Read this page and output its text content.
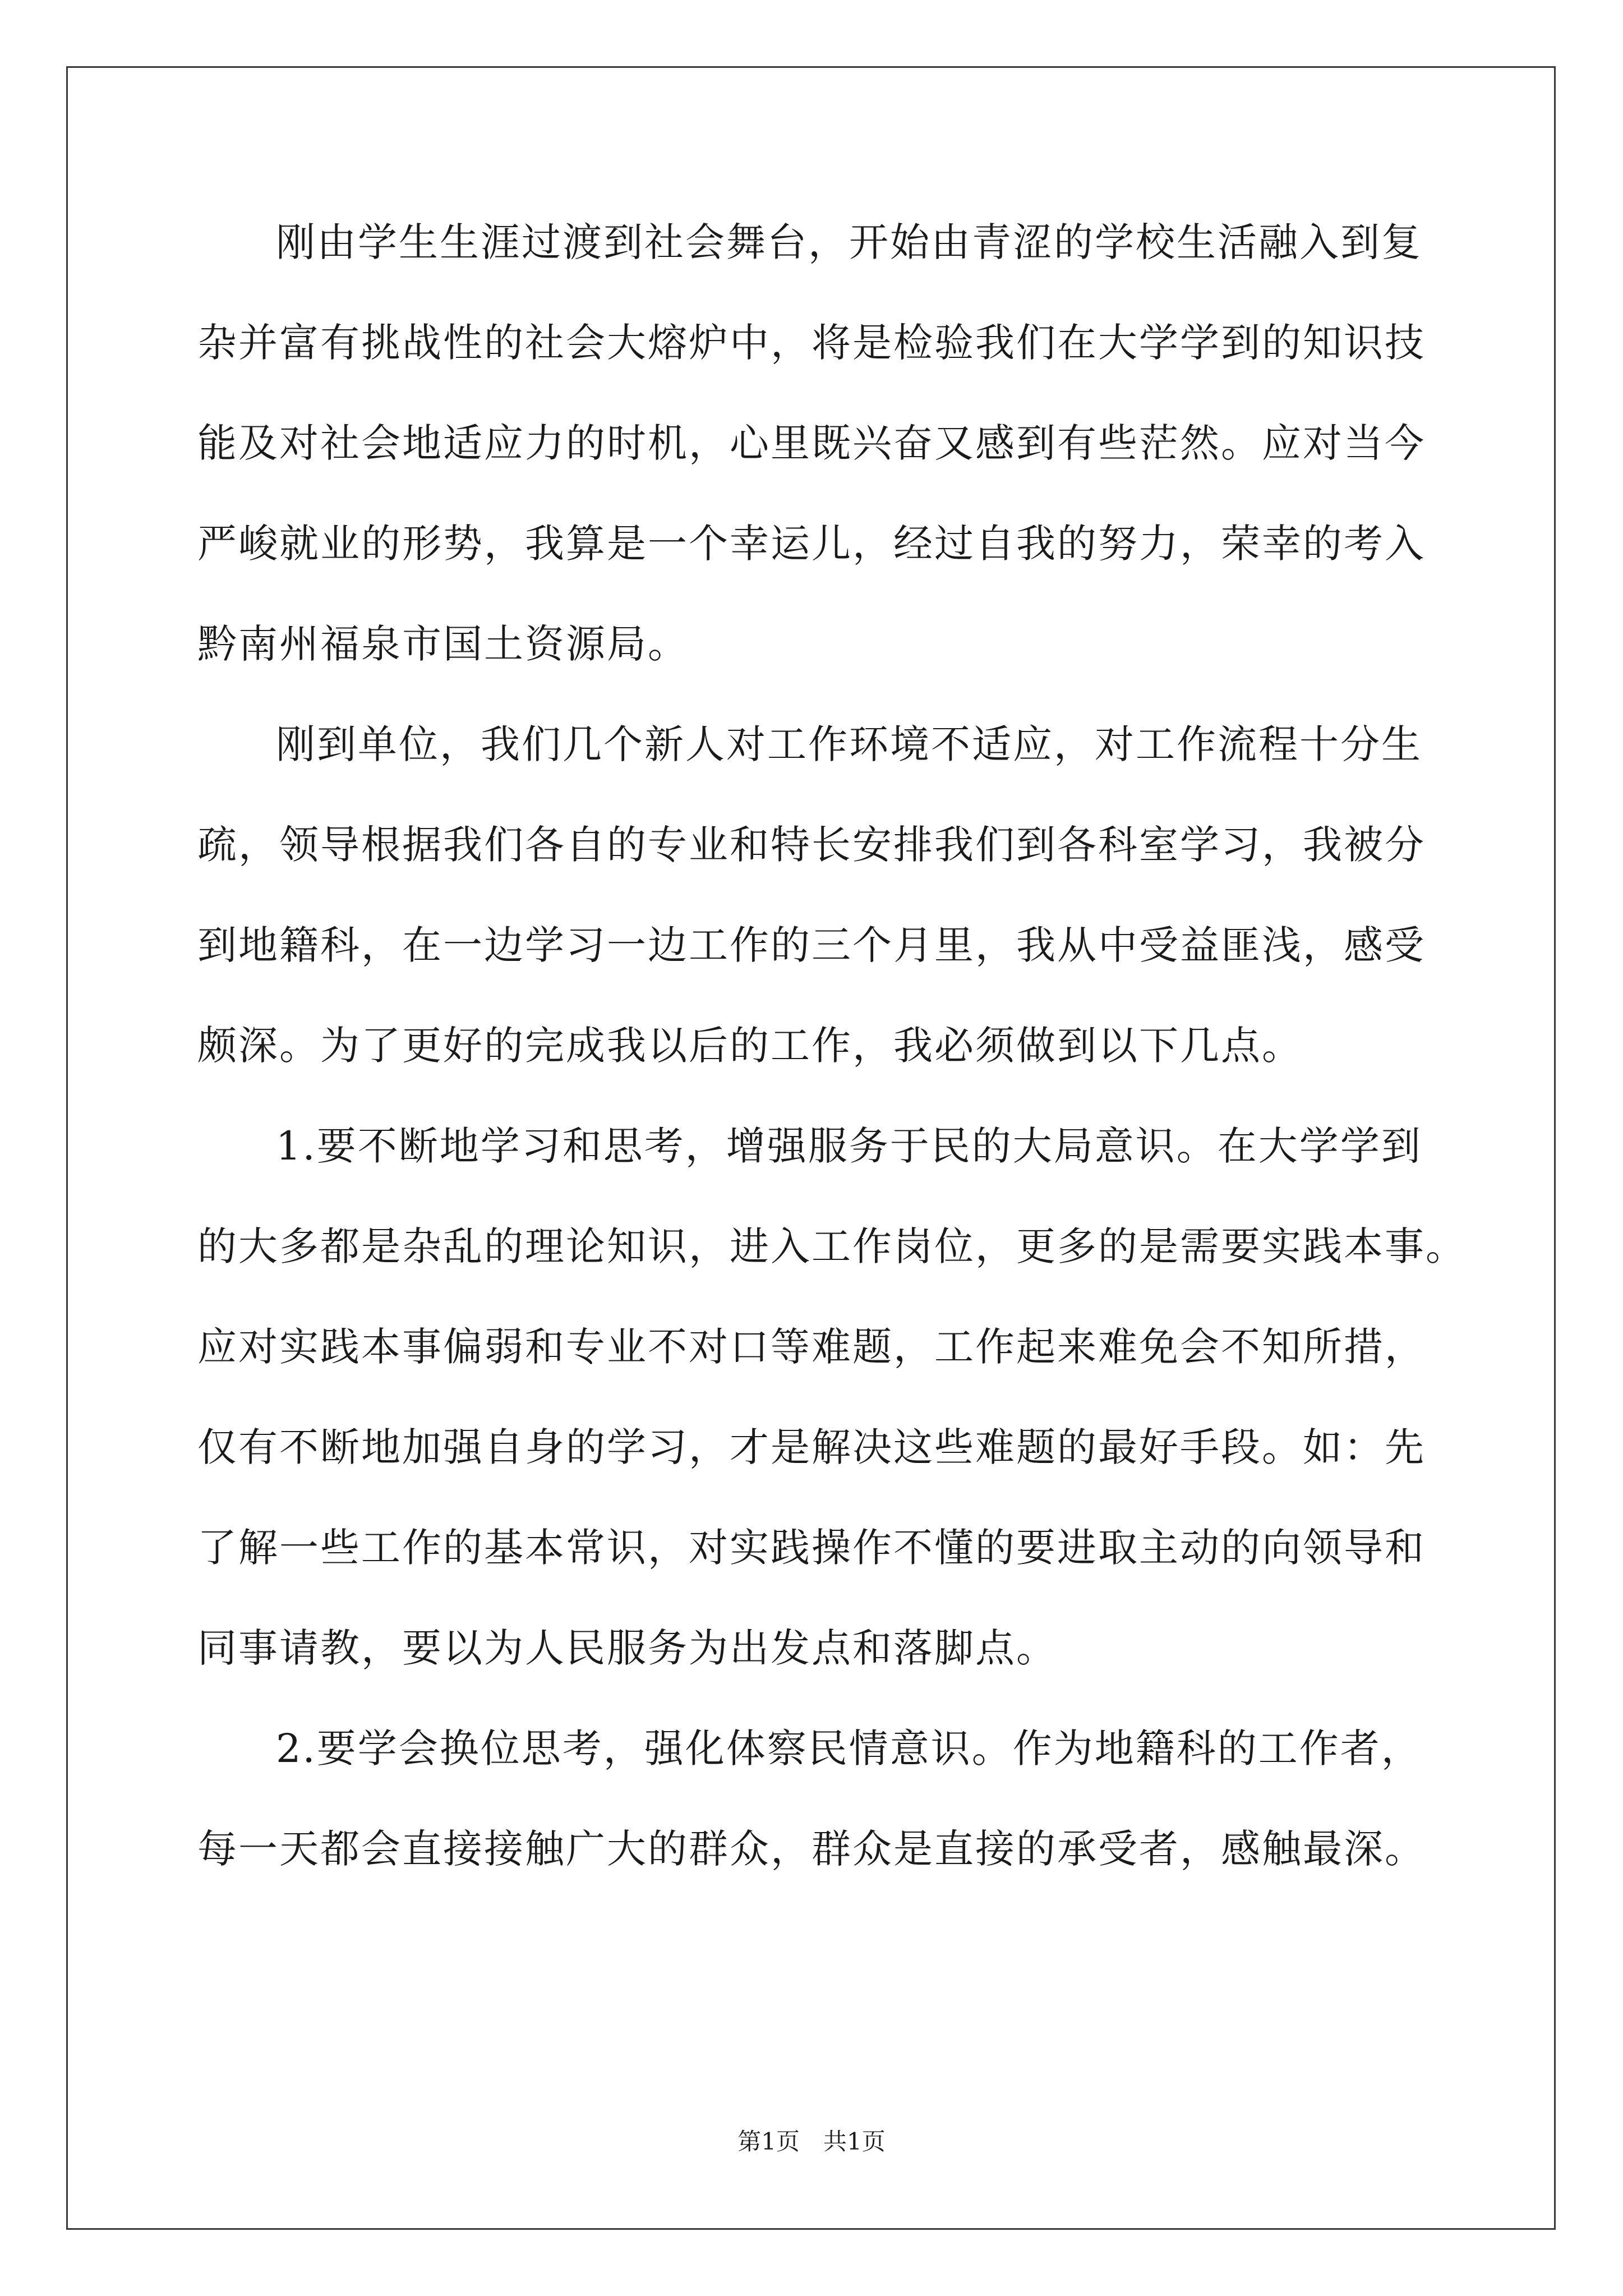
刚由学生生涯过渡到社会舞台，开始由青涩的学校生活融入到复
杂并富有挑战性的社会大熔炉中，将是检验我们在大学学到的知识技
能及对社会地适应力的时机，心里既兴奋又感到有些茫然。应对当今
严峻就业的形势，我算是一个幸运儿，经过自我的努力，荣幸的考入
黔南州福泉市国土资源局。
刚到单位，我们几个新人对工作环境不适应，对工作流程十分生
疏，领导根据我们各自的专业和特长安排我们到各科室学习，我被分
到地籍科，在一边学习一边工作的三个月里，我从中受益匪浅，感受
颇深。为了更好的完成我以后的工作，我必须做到以下几点。
1.要不断地学习和思考，增强服务于民的大局意识。在大学学到
的大多都是杂乱的理论知识，进入工作岗位，更多的是需要实践本事。
应对实践本事偏弱和专业不对口等难题，工作起来难免会不知所措，
仅有不断地加强自身的学习，才是解决这些难题的最好手段。如：先
了解一些工作的基本常识，对实践操作不懂的要进取主动的向领导和
同事请教，要以为人民服务为出发点和落脚点。
2.要学会换位思考，强化体察民情意识。作为地籍科的工作者，
每一天都会直接接触广大的群众，群众是直接的承受者，感触最深。
第1页　共1页
